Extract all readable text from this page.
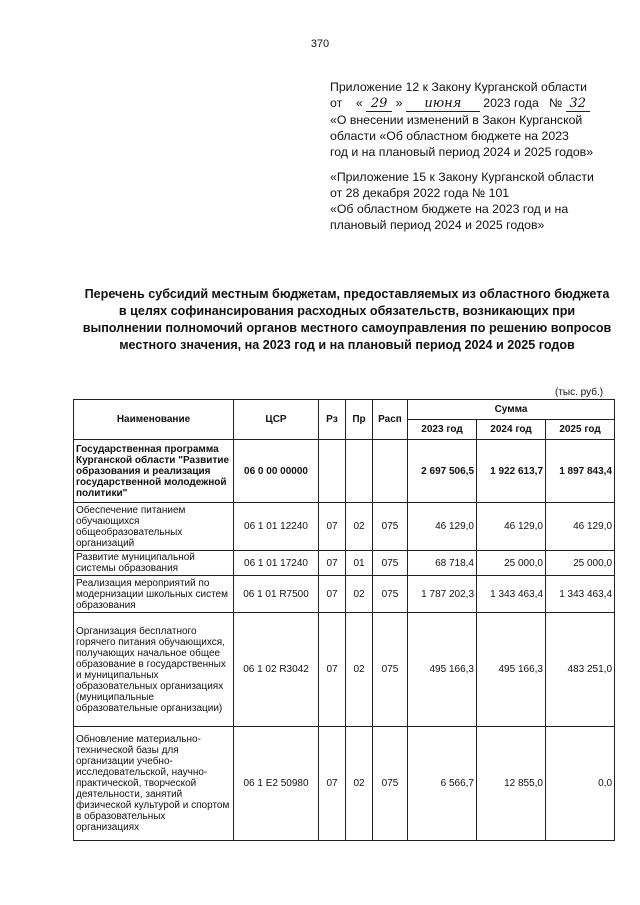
370
Приложение 12 к Закону Курганской области
от « 29 » июня 2023 года № 32
«О внесении изменений в Закон Курганской
области «Об областном бюджете на 2023
год и на плановый период 2024 и 2025 годов»
«Приложение 15 к Закону Курганской области
от 28 декабря 2022 года № 101
«Об областном бюджете на 2023 год и на
плановый период 2024 и 2025 годов»
Перечень субсидий местным бюджетам, предоставляемых из областного бюджета в целях софинансирования расходных обязательств, возникающих при выполнении полномочий органов местного самоуправления по решению вопросов местного значения, на 2023 год и на плановый период 2024 и 2025 годов
(тыс. руб.)
Наименование	ЦСР	Рз	Пр	Расп	Сумма		
					2023 год	2024 год	2025 год
Государственная программа Курганской области "Развитие образования и реализация государственной молодежной политики"	06 0 00 00000				2 697 506,5	1 922 613,7	1 897 843,4
Обеспечение питанием обучающихся общеобразовательных организаций	06 1 01 12240	07	02	075	46 129,0	46 129,0	46 129,0
Развитие муниципальной системы образования	06 1 01 17240	07	01	075	68 718,4	25 000,0	25 000,0
Реализация мероприятий по модернизации школьных систем образования	06 1 01 R7500	07	02	075	1 787 202,3	1 343 463,4	1 343 463,4
Организация бесплатного горячего питания обучающихся, получающих начальное общее образование в государственных и муниципальных образовательных организациях (муниципальные образовательные организации)	06 1 02 R3042	07	02	075	495 166,3	495 166,3	483 251,0
Обновление материально-технической базы для организации учебно-исследовательской, научно-практической, творческой деятельности, занятий физической культурой и спортом в образовательных организациях	06 1 E2 50980	07	02	075	6 566,7	12 855,0	0,0
